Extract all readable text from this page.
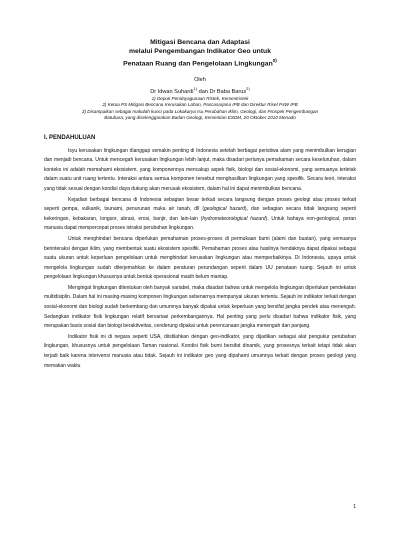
Mitigasi Bencana dan Adaptasi
melalui Pengembangan Indikator Geo untuk
Penataan Ruang dan Pengelolaan Lingkungan$^{0)}$
Oleh
Dr Idwan Suhardi$^{1)}$ dan Dr Baba Barus$^{2)}$
1) Deputi Pendayagunaan Ristek, Kementristek
2) Ketua PS Mitigasi Bencana Kerusakan Lahan, Pascasarjana IPB dan Direktur Riset P4W IPB
3) Disampaikan sebagai makalah kunci pada Lokakarya Isu Perubahan Iklim, Geologi, dan Prospek Pengembangan
Batubara, yang diselenggarakan Badan Geologi, Kementian ESDM, 20 Oktober 2010 Menado
I. PENDAHULUAN

Isyu kerusakan lingkungan dianggap semakin penting di Indonesia setelah berbagai peristiwa alam yang menimbulkan kerugian dan menjadi bencana. Untuk mencegah kerusakan lingkungan lebih lanjut, maka disadari perlunya pemahaman secara keseluruhan, dalam konteks ini adalah memahami ekosistem, yang komponennya mencakup aspek fisik, biologi dan sosial-ekonomi, yang semuanya terletak dalam suatu unit ruang tertentu. Interaksi antara semua komponen tersebut menghasilkan lingkungan yang spesifik. Secara teori, interaksi yang tidak sesuai dengan kondisi daya dukung akan merusak ekosistem, dalam hal ini dapat menimbulkan bencana.

Kejadian berbagai bencana di Indonesia sebagian besar terkait secara langsung dengan proses geologi atau proses terkait seperti gempa, vulkanik, tsunami, penurunan muka air tanah, dll (geological hazard), dan sebagian secara tidak langsung seperti kekeringan, kebakaran, longsor, abrasi, erosi, banjir, dan lain-lain (hydrometeorological hazard). Untuk bahaya non-geological, peran manusia dapat mempercepat proses istraksi perubahan lingkungan.

Untuk menghindari bencana diperlukan pemahaman proses-proses di permukaan bumi (alami dan buatan), yang semuanya berinteraksi dengan iklim, yang membentuk suatu ekosistem spesifik. Pemahaman proses atau hasilnya hendaknya dapat dipakai sebagai suatu ukuran untuk keperluan pengelolaan untuk menghindari kerusakan lingkungan atau memperbaikinya. Di Indonesia, upaya untuk mengelola lingkungan sudah diterjemahkan ke dalam peraturan perundangan seperti dalam UU penataan ruang. Sejauh ini untuk pengelolaan lingkungan khususnya untuk bentuk operasional masih belum mantap.

Mengingat lingkungan ditentukan oleh banyak variabel, maka disadari bahwa untuk mengelola lingkungan diperlukan pendekatan multidisiplin. Dalam hal ini masing-masing komponen lingkungan sebenarnya mempunyai ukuran tertentu. Sejauh ini indikator terkait dengan sosial-ekonomi dan biologi sudah berkembang dan umumnya banyak dipakai untuk keperluan yang bersifat jangka pendek atau menengah. Sedangkan indikator fisik lingkungan relatif bervariasi perkembangannya. Hal penting yang perlu disadari bahwa indikator fisik, yang merupakan basis sosial dan biologi berakitveitas, cenderung dipakai untuk perencanaan jangka menengah dan panjang.

Indikator fisik ini di negara seperti USA, diistilahkan dengan geo-indikator, yang dijadikan sebagai alat pengukur perubahan lingkungan, khususnya untuk pengelolaan Taman nasional. Kondisi fisik bumi bersifat dinamik, yang prosesnya terkait tetapi tidak akan terjadi baik karena intervensi manusia atau tidak. Sejauh ini indikator geo yang dipahami umumnya terkait dengan proses geologi yang memakan waktu

1
